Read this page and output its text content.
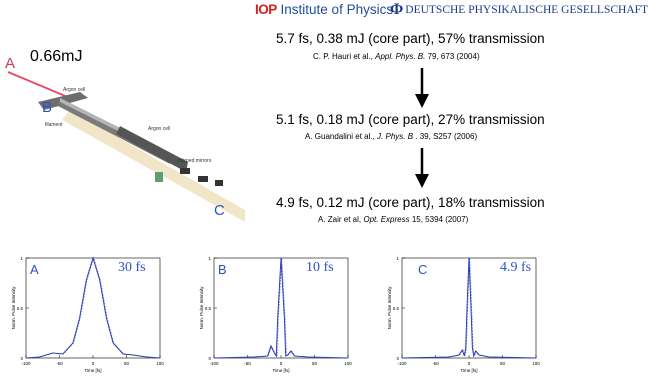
IOP Institute of Physics
Φ DEUTSCHE PHYSIKALISCHE GESELLSCHAFT
Argon cell
filament
Argon cell
chirped mirrors
0.66mJ
A
B
C
5.7 fs, 0.38 mJ (core part), 57% transmission
C. P. Hauri et al., Appl. Phys. B. 79, 673 (2004)
5.1 fs, 0.18 mJ (core part), 27% transmission
A. Guandalini et al., J. Phys. B . 39, S257 (2006)
4.9 fs, 0.12 mJ (core part), 18% transmission
A. Zair et al, Opt. Express 15, 5394 (2007)
0
0.5
1
-100	-50	0	50	100
Time [fs]
Norm. Pulse Intensity
0
0.5
1
-100	-50	0	50	100
Time [fs]
Norm. Pulse Intensity
0
0.5
1
-100	-50	0	50	100
Time [fs]
Norm. Pulse Intensity
A	30 fs	B	10 fs	C	4.9 fs
